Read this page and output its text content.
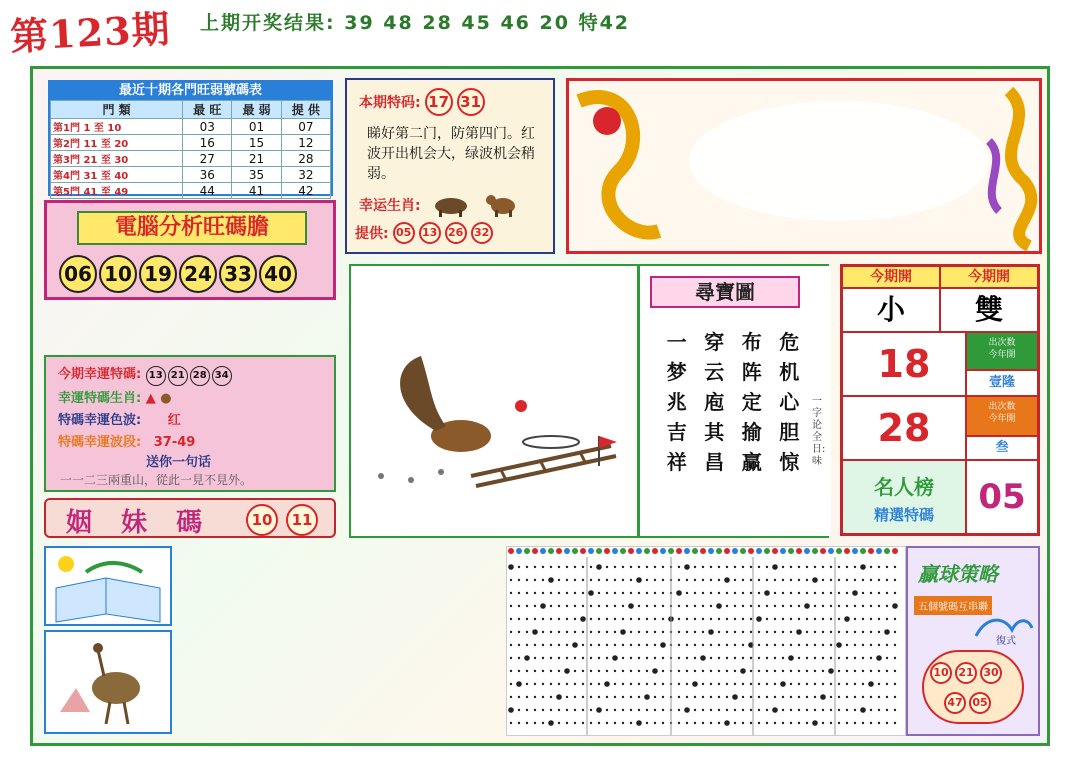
第123期 上期开奖结果: 39 48 28 45 46 20 特42
最近十期各門旺弱號碼表
門 類	最 旺	最 弱	提 供
第1門 1 至 10	03	01	07
第2門 11 至 20	16	15	12
第3門 21 至 30	27	21	28
第4門 31 至 40	36	35	32
第5門 41 至 49	44	41	42
電腦分析旺碼膽
06 10 19 24 33 40
本期特码: 17 31
睇好第二门，防第四门。红波开出机会大，绿波机会稍弱。
幸运生肖:
提供: 05 13 26 32
尋寶圖
一 穿 布 危
梦 云 阵 机
兆 庖 定 心
吉 其 揄 胆
祥 昌 赢 惊
一字论全日:味
今期開	今期開
小	雙
18	出次数
今年開
壹隆
28	出次数
今年開
叁
名人榜
精選特碼	05
今期幸運特碼: 13 21 28 34
幸運特碼生肖: ▲ ●
特碼幸運色波: 红
特碼幸運波段: 37-49
送你一句话
一一二三兩重山，從此一見不見外。
姻 妹 碼	10	11
贏球策略
五個號碼互串聯
復式
10 21 30
47 05
